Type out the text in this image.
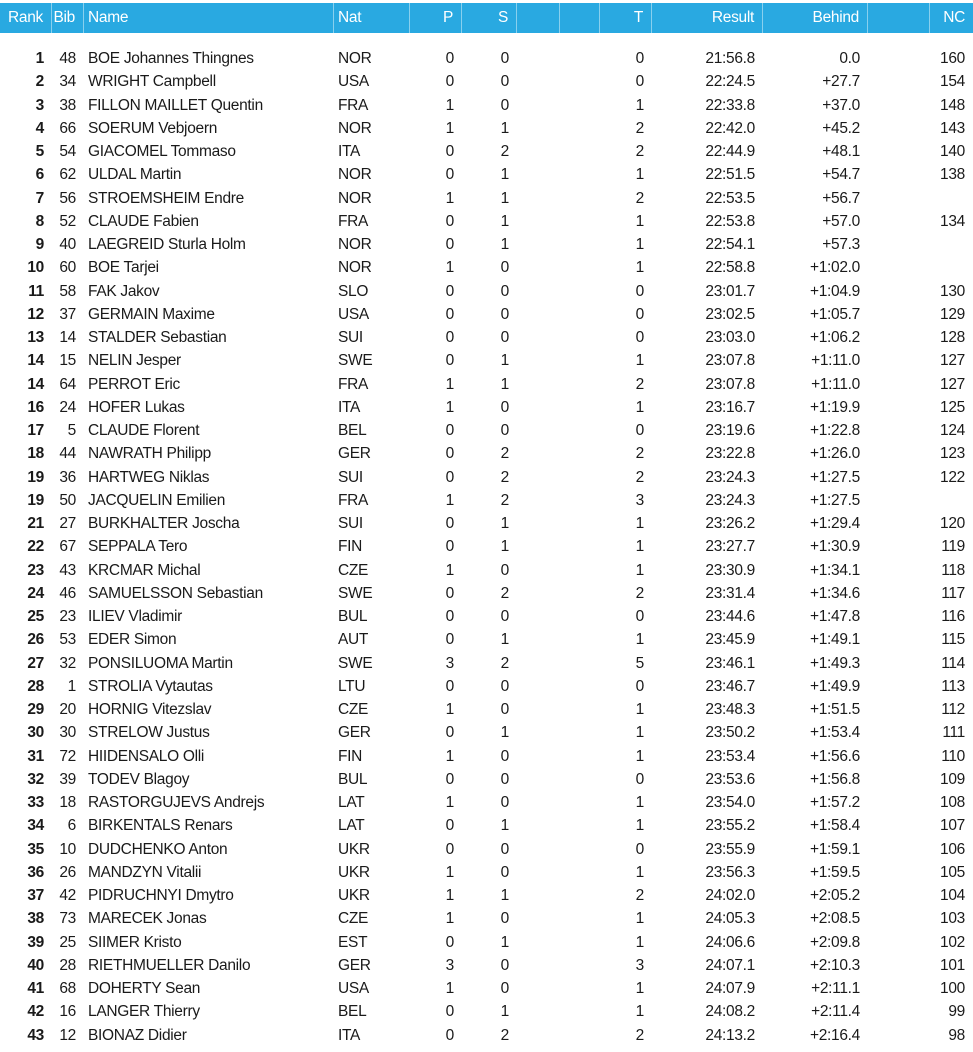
Rank Bib Name	Nat	P	S	T	Result	Behind	NC
1 48 BOE Johannes Thingnes	NOR	0	0	0	21:56.8	0.0	160
2 34 WRIGHT Campbell	USA	0	0	0	22:24.5	+27.7	154
3 38 FILLON MAILLET Quentin	FRA	1	0	1	22:33.8	+37.0	148
4 66 SOERUM Vebjoern	NOR	1	1	2	22:42.0	+45.2	143
5 54 GIACOMEL Tommaso	ITA	0	2	2	22:44.9	+48.1	140
6 62 ULDAL Martin	NOR	0	1	1	22:51.5	+54.7	138
7 56 STROEMSHEIM Endre	NOR	1	1	2	22:53.5	+56.7
8 52 CLAUDE Fabien	FRA	0	1	1	22:53.8	+57.0	134
9 40 LAEGREID Sturla Holm	NOR	0	1	1	22:54.1	+57.3
10 60 BOE Tarjei	NOR	1	0	1	22:58.8	+1:02.0
11 58 FAK Jakov	SLO	0	0	0	23:01.7	+1:04.9	130
12 37 GERMAIN Maxime	USA	0	0	0	23:02.5	+1:05.7	129
13 14 STALDER Sebastian	SUI	0	0	0	23:03.0	+1:06.2	128
14 15 NELIN Jesper	SWE	0	1	1	23:07.8	+1:11.0	127
14 64 PERROT Eric	FRA	1	1	2	23:07.8	+1:11.0	127
16 24 HOFER Lukas	ITA	1	0	1	23:16.7	+1:19.9	125
17	5 CLAUDE Florent	BEL	0	0	0	23:19.6	+1:22.8	124
18 44 NAWRATH Philipp	GER	0	2	2	23:22.8	+1:26.0	123
19 36 HARTWEG Niklas	SUI	0	2	2	23:24.3	+1:27.5	122
19 50 JACQUELIN Emilien	FRA	1	2	3	23:24.3	+1:27.5
21 27 BURKHALTER Joscha	SUI	0	1	1	23:26.2	+1:29.4	120
22 67 SEPPALA Tero	FIN	0	1	1	23:27.7	+1:30.9	119
23 43 KRCMAR Michal	CZE	1	0	1	23:30.9	+1:34.1	118
24 46 SAMUELSSON Sebastian	SWE	0	2	2	23:31.4	+1:34.6	117
25 23 ILIEV Vladimir	BUL	0	0	0	23:44.6	+1:47.8	116
26 53 EDER Simon	AUT	0	1	1	23:45.9	+1:49.1	115
27 32 PONSILUOMA Martin	SWE	3	2	5	23:46.1	+1:49.3	114
28	1 STROLIA Vytautas	LTU	0	0	0	23:46.7	+1:49.9	113
29 20 HORNIG Vitezslav	CZE	1	0	1	23:48.3	+1:51.5	112
30 30 STRELOW Justus	GER	0	1	1	23:50.2	+1:53.4	111
31 72 HIIDENSALO Olli	FIN	1	0	1	23:53.4	+1:56.6	110
32 39 TODEV Blagoy	BUL	0	0	0	23:53.6	+1:56.8	109
33 18 RASTORGUJEVS Andrejs	LAT	1	0	1	23:54.0	+1:57.2	108
34	6 BIRKENTALS Renars	LAT	0	1	1	23:55.2	+1:58.4	107
35 10 DUDCHENKO Anton	UKR	0	0	0	23:55.9	+1:59.1	106
36 26 MANDZYN Vitalii	UKR	1	0	1	23:56.3	+1:59.5	105
37 42 PIDRUCHNYI Dmytro	UKR	1	1	2	24:02.0	+2:05.2	104
38 73 MARECEK Jonas	CZE	1	0	1	24:05.3	+2:08.5	103
39 25 SIIMER Kristo	EST	0	1	1	24:06.6	+2:09.8	102
40 28 RIETHMUELLER Danilo	GER	3	0	3	24:07.1	+2:10.3	101
41 68 DOHERTY Sean	USA	1	0	1	24:07.9	+2:11.1	100
42 16 LANGER Thierry	BEL	0	1	1	24:08.2	+2:11.4	99
43 12 BIONAZ Didier	ITA	0	2	2	24:13.2	+2:16.4	98
